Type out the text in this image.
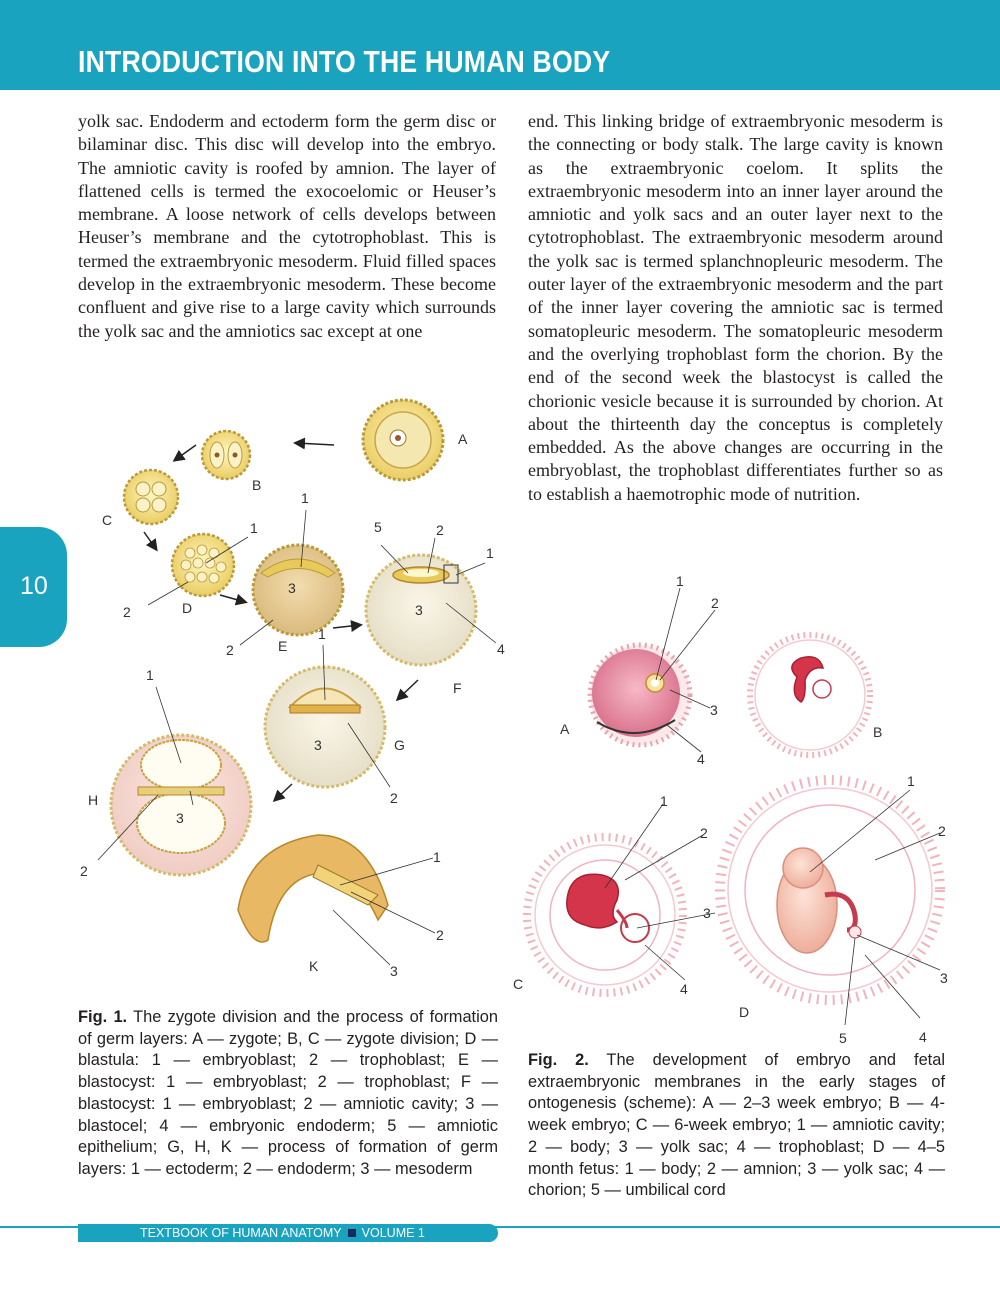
INTRODUCTION INTO THE HUMAN BODY
10

yolk sac. Endoderm and ectoderm form the germ disc or bilaminar disc. This disc will develop into the embryo. The amniotic cavity is roofed by amnion. The layer of flattened cells is termed the exocoelomic or Heuser’s membrane. A loose network of cells develops between Heuser’s membrane and the cytotrophoblast. This is termed the extraembryonic mesoderm. Fluid filled spaces develop in the extraembryonic mesoderm. These become confluent and give rise to a large cavity which surrounds the yolk sac and the amniotics sac except at one

end. This linking bridge of extraembryonic mesoderm is the connecting or body stalk. The large cavity is known as the extraembryonic coelom. It splits the extraembryonic mesoderm into an inner layer around the amniotic and yolk sacs and an outer layer next to the cytotrophoblast. The extraembryonic mesoderm around the yolk sac is termed splanchnopleuric mesoderm. The outer layer of the extraembryonic mesoderm and the part of the inner layer covering the amniotic sac is termed somatopleuric mesoderm. The somatopleuric mesoderm and the overlying trophoblast form the chorion. By the end of the second week the blastocyst is called the chorionic vesicle because it is surrounded by chorion. At about the thirteenth day the conceptus is completely embedded. As the above changes are occurring in the embryoblast, the trophoblast differentiates further so as to establish a haemotrophic mode of nutrition.

A
B
C
D
E
F
G
H
K
1
2
1
2
3
5	2
1
3
4
1
3
2
1
3
2
1
2
3

Fig. 1. The zygote division and the process of formation of germ layers: A — zygote; B, C — zygote division; D — blastula: 1 — embryoblast; 2 — trophoblast; E — blastocyst: 1 — embryoblast; 2 — trophoblast; F — blastocyst: 1 — embryoblast; 2 — amniotic cavity; 3 — blastocel; 4 — embryonic endoderm; 5 — amniotic epithelium; G, H, K — process of formation of germ layers: 1 — ectoderm; 2 — endoderm; 3 — mesoderm

A	B
C
D
1
2
3
4
1
2
3
4
1
2
3
4
5

Fig. 2. The development of embryo and fetal extraembryonic membranes in the early stages of ontogenesis (scheme): A — 2–3 week embryo; B — 4-week embryo; C — 6-week embryo; 1 — amniotic cavity; 2 — body; 3 — yolk sac; 4 — trophoblast; D — 4–5 month fetus: 1 — body; 2 — amnion; 3 — yolk sac; 4 — chorion; 5 — umbilical cord

TEXTBOOK OF HUMAN ANATOMY VOLUME 1
